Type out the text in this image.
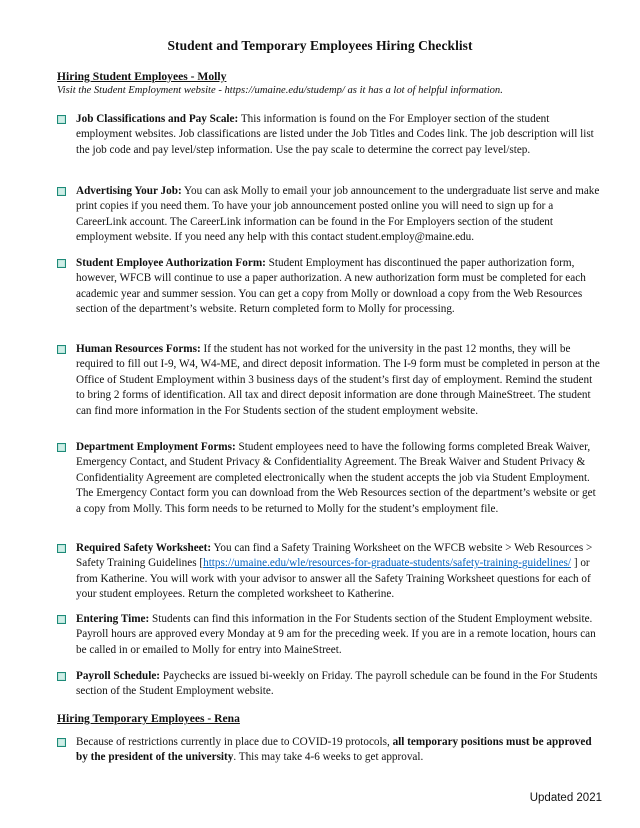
Student and Temporary Employees Hiring Checklist
Hiring Student Employees - Molly
Visit the Student Employment website - https://umaine.edu/studemp/ as it has a lot of helpful information.
Job Classifications and Pay Scale: This information is found on the For Employer section of the student employment websites. Job classifications are listed under the Job Titles and Codes link. The job description will list the job code and pay level/step information. Use the pay scale to determine the correct pay level/step.
Advertising Your Job: You can ask Molly to email your job announcement to the undergraduate list serve and make print copies if you need them. To have your job announcement posted online you will need to sign up for a CareerLink account. The CareerLink information can be found in the For Employers section of the student employment website. If you need any help with this contact student.employ@maine.edu.
Student Employee Authorization Form: Student Employment has discontinued the paper authorization form, however, WFCB will continue to use a paper authorization. A new authorization form must be completed for each academic year and summer session. You can get a copy from Molly or download a copy from the Web Resources section of the department’s website. Return completed form to Molly for processing.
Human Resources Forms: If the student has not worked for the university in the past 12 months, they will be required to fill out I-9, W4, W4-ME, and direct deposit information. The I-9 form must be completed in person at the Office of Student Employment within 3 business days of the student’s first day of employment. Remind the student to bring 2 forms of identification. All tax and direct deposit information are done through MaineStreet. The student can find more information in the For Students section of the student employment website.
Department Employment Forms: Student employees need to have the following forms completed Break Waiver, Emergency Contact, and Student Privacy & Confidentiality Agreement. The Break Waiver and Student Privacy & Confidentiality Agreement are completed electronically when the student accepts the job via Student Employment. The Emergency Contact form you can download from the Web Resources section of the department’s website or get a copy from Molly. This form needs to be returned to Molly for the student’s employment file.
Required Safety Worksheet: You can find a Safety Training Worksheet on the WFCB website > Web Resources > Safety Training Guidelines [https://umaine.edu/wle/resources-for-graduate-students/safety-training-guidelines/ ] or from Katherine. You will work with your advisor to answer all the Safety Training Worksheet questions for each of your student employees. Return the completed worksheet to Katherine.
Entering Time: Students can find this information in the For Students section of the Student Employment website. Payroll hours are approved every Monday at 9 am for the preceding week. If you are in a remote location, hours can be called in or emailed to Molly for entry into MaineStreet.
Payroll Schedule: Paychecks are issued bi-weekly on Friday. The payroll schedule can be found in the For Students section of the Student Employment website.
Hiring Temporary Employees - Rena
Because of restrictions currently in place due to COVID-19 protocols, all temporary positions must be approved by the president of the university. This may take 4-6 weeks to get approval.
Updated 2021
